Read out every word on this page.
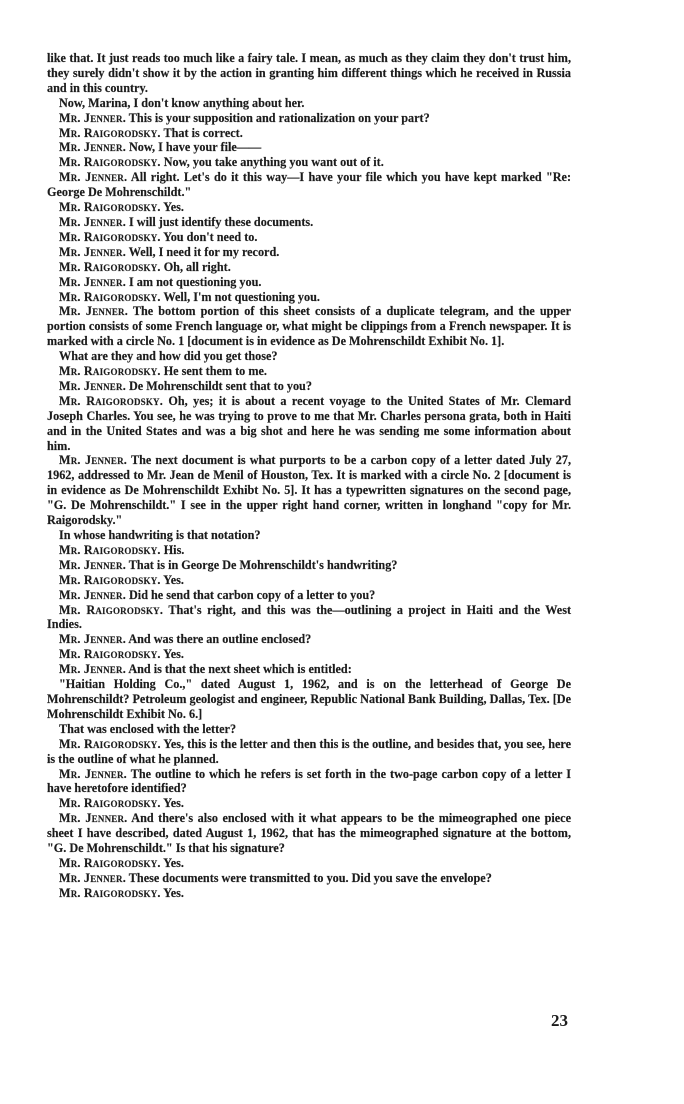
like that. It just reads too much like a fairy tale. I mean, as much as they claim they don't trust him, they surely didn't show it by the action in granting him different things which he received in Russia and in this country.

Now, Marina, I don't know anything about her.

Mr. Jenner. This is your supposition and rationalization on your part?

Mr. Raigorodsky. That is correct.

Mr. Jenner. Now, I have your file——

Mr. Raigorodsky. Now, you take anything you want out of it.

Mr. Jenner. All right. Let's do it this way—I have your file which you have kept marked "Re: George De Mohrenschildt."

Mr. Raigorodsky. Yes.

Mr. Jenner. I will just identify these documents.

Mr. Raigorodsky. You don't need to.

Mr. Jenner. Well, I need it for my record.

Mr. Raigorodsky. Oh, all right.

Mr. Jenner. I am not questioning you.

Mr. Raigorodsky. Well, I'm not questioning you.

Mr. Jenner. The bottom portion of this sheet consists of a duplicate telegram, and the upper portion consists of some French language or, what might be clippings from a French newspaper. It is marked with a circle No. 1 [document is in evidence as De Mohrenschildt Exhibit No. 1].

What are they and how did you get those?

Mr. Raigorodsky. He sent them to me.

Mr. Jenner. De Mohrenschildt sent that to you?

Mr. Raigorodsky. Oh, yes; it is about a recent voyage to the United States of Mr. Clemard Joseph Charles. You see, he was trying to prove to me that Mr. Charles persona grata, both in Haiti and in the United States and was a big shot and here he was sending me some information about him.

Mr. Jenner. The next document is what purports to be a carbon copy of a letter dated July 27, 1962, addressed to Mr. Jean de Menil of Houston, Tex. It is marked with a circle No. 2 [document is in evidence as De Mohrenschildt Exhibt No. 5]. It has a typewritten signatures on the second page, "G. De Mohrenschildt." I see in the upper right hand corner, written in longhand "copy for Mr. Raigorodsky."

In whose handwriting is that notation?

Mr. Raigorodsky. His.

Mr. Jenner. That is in George De Mohrenschildt's handwriting?

Mr. Raigorodsky. Yes.

Mr. Jenner. Did he send that carbon copy of a letter to you?

Mr. Raigorodsky. That's right, and this was the—outlining a project in Haiti and the West Indies.

Mr. Jenner. And was there an outline enclosed?

Mr. Raigorodsky. Yes.

Mr. Jenner. And is that the next sheet which is entitled:

"Haitian Holding Co.," dated August 1, 1962, and is on the letterhead of George De Mohrenschildt? Petroleum geologist and engineer, Republic National Bank Building, Dallas, Tex. [De Mohrenschildt Exhibit No. 6.]

That was enclosed with the letter?

Mr. Raigorodsky. Yes, this is the letter and then this is the outline, and besides that, you see, here is the outline of what he planned.

Mr. Jenner. The outline to which he refers is set forth in the two-page carbon copy of a letter I have heretofore identified?

Mr. Raigorodsky. Yes.

Mr. Jenner. And there's also enclosed with it what appears to be the mimeographed one piece sheet I have described, dated August 1, 1962, that has the mimeographed signature at the bottom, "G. De Mohrenschildt." Is that his signature?

Mr. Raigorodsky. Yes.

Mr. Jenner. These documents were transmitted to you. Did you save the envelope?

Mr. Raigorodsky. Yes.

23
